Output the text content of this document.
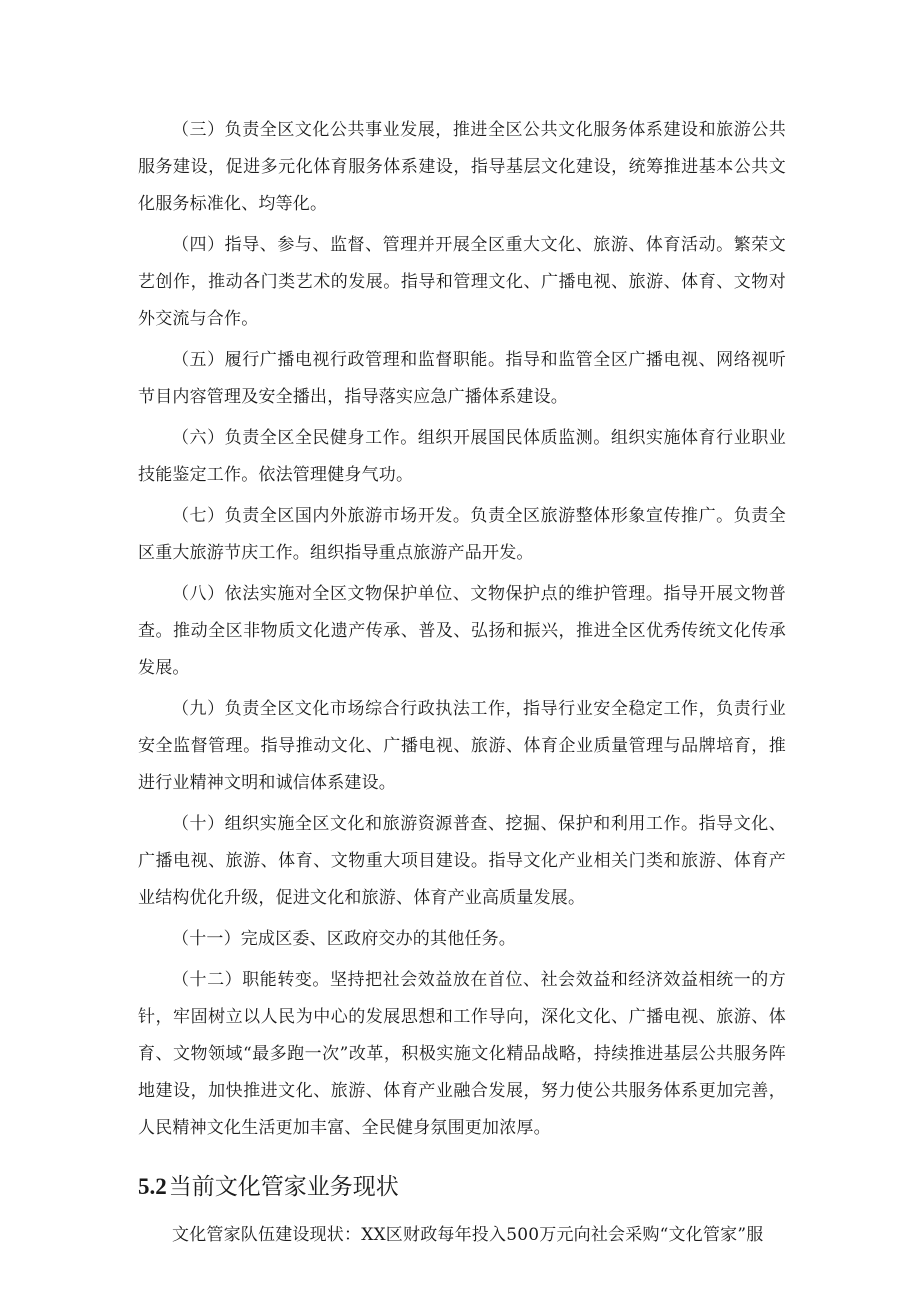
（三）负责全区文化公共事业发展，推进全区公共文化服务体系建设和旅游公共服务建设，促进多元化体育服务体系建设，指导基层文化建设，统筹推进基本公共文化服务标准化、均等化。

（四）指导、参与、监督、管理并开展全区重大文化、旅游、体育活动。繁荣文艺创作，推动各门类艺术的发展。指导和管理文化、广播电视、旅游、体育、文物对外交流与合作。

（五）履行广播电视行政管理和监督职能。指导和监管全区广播电视、网络视听节目内容管理及安全播出，指导落实应急广播体系建设。

（六）负责全区全民健身工作。组织开展国民体质监测。组织实施体育行业职业技能鉴定工作。依法管理健身气功。

（七）负责全区国内外旅游市场开发。负责全区旅游整体形象宣传推广。负责全区重大旅游节庆工作。组织指导重点旅游产品开发。

（八）依法实施对全区文物保护单位、文物保护点的维护管理。指导开展文物普查。推动全区非物质文化遗产传承、普及、弘扬和振兴，推进全区优秀传统文化传承发展。

（九）负责全区文化市场综合行政执法工作，指导行业安全稳定工作，负责行业安全监督管理。指导推动文化、广播电视、旅游、体育企业质量管理与品牌培育，推进行业精神文明和诚信体系建设。

（十）组织实施全区文化和旅游资源普查、挖掘、保护和利用工作。指导文化、广播电视、旅游、体育、文物重大项目建设。指导文化产业相关门类和旅游、体育产业结构优化升级，促进文化和旅游、体育产业高质量发展。

（十一）完成区委、区政府交办的其他任务。

（十二）职能转变。坚持把社会效益放在首位、社会效益和经济效益相统一的方针，牢固树立以人民为中心的发展思想和工作导向，深化文化、广播电视、旅游、体育、文物领域“最多跑一次”改革，积极实施文化精品战略，持续推进基层公共服务阵地建设，加快推进文化、旅游、体育产业融合发展，努力使公共服务体系更加完善，人民精神文化生活更加丰富、全民健身氛围更加浓厚。

5.2当前文化管家业务现状

文化管家队伍建设现状：XX区财政每年投入500万元向社会采购“文化管家”服
